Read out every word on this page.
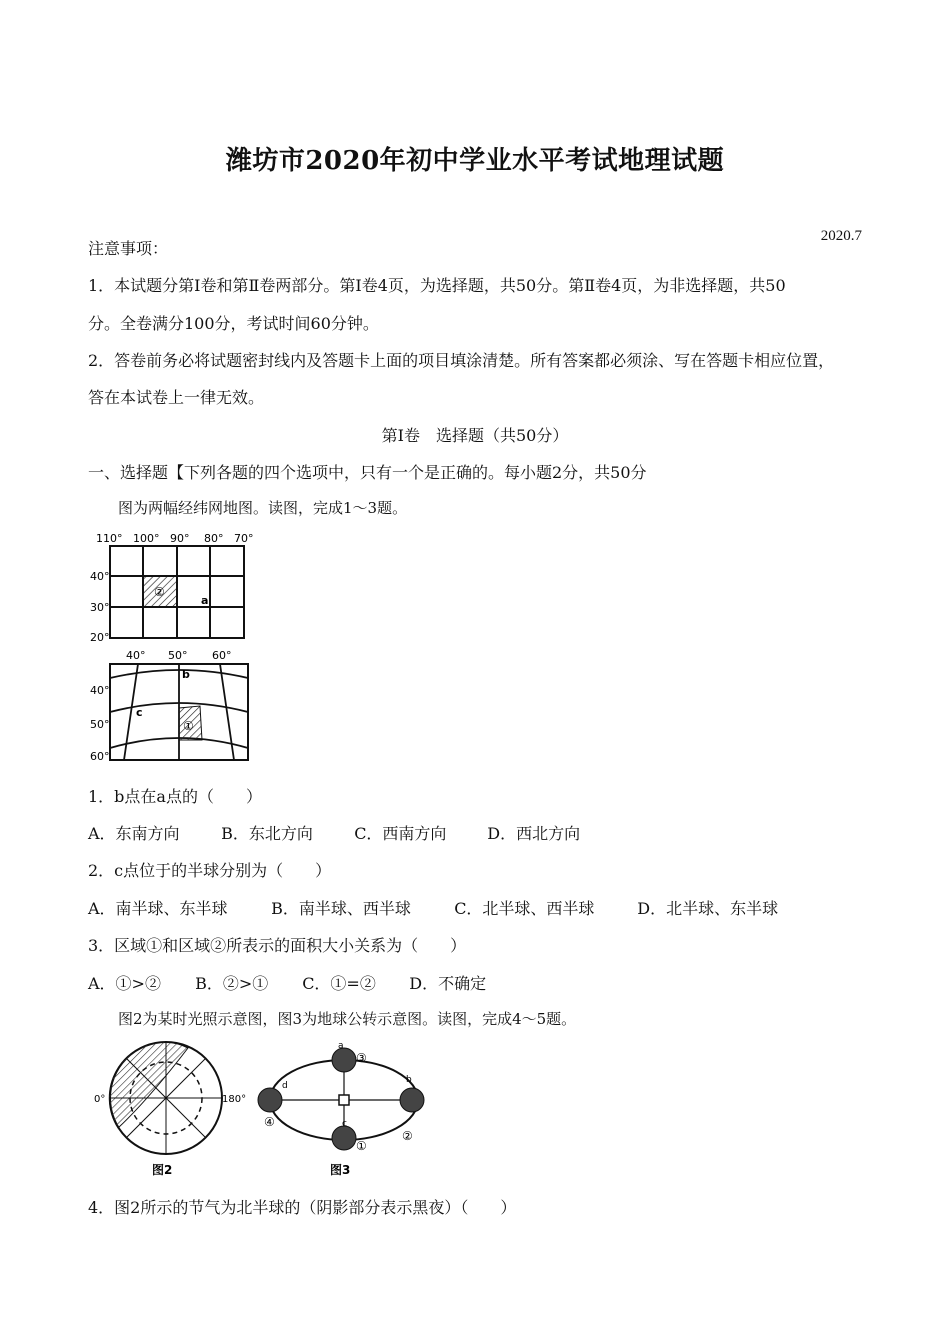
潍坊市2020年初中学业水平考试地理试题
2020.7
注意事项：
1．本试题分第Ⅰ卷和第Ⅱ卷两部分。第Ⅰ卷4页，为选择题，共50分。第Ⅱ卷4页，为非选择题，共50
分。全卷满分100分，考试时间60分钟。
2．答卷前务必将试题密封线内及答题卡上面的项目填涂清楚。所有答案都必须涂、写在答题卡相应位置，
答在本试卷上一律无效。
第Ⅰ卷　选择题（共50分）
一、选择题【下列各题的四个选项中，只有一个是正确的。每小题2分，共50分
图为两幅经纬网地图。读图，完成1～3题。
110° 100° 90° 80° 70°
②
a
40°
30°
20°
40° 50° 60°
①
b
c
40°
50°
60°
1．b点在a点的（　　）
A．东南方向	B．东北方向	C．西南方向	D．西北方向
2．c点位于的半球分别为（　　）
A．南半球、东半球	B．南半球、西半球	C．北半球、西半球	D．北半球、东半球
3．区域①和区域②所表示的面积大小关系为（　　）
A．①>② B．②>① C．①=② D．不确定
图2为某时光照示意图，图3为地球公转示意图。读图，完成4～5题。
0°	180°
图2
②
①
③
④
a
b
c
d
图3
4．图2所示的节气为北半球的（阴影部分表示黑夜）（　　）
